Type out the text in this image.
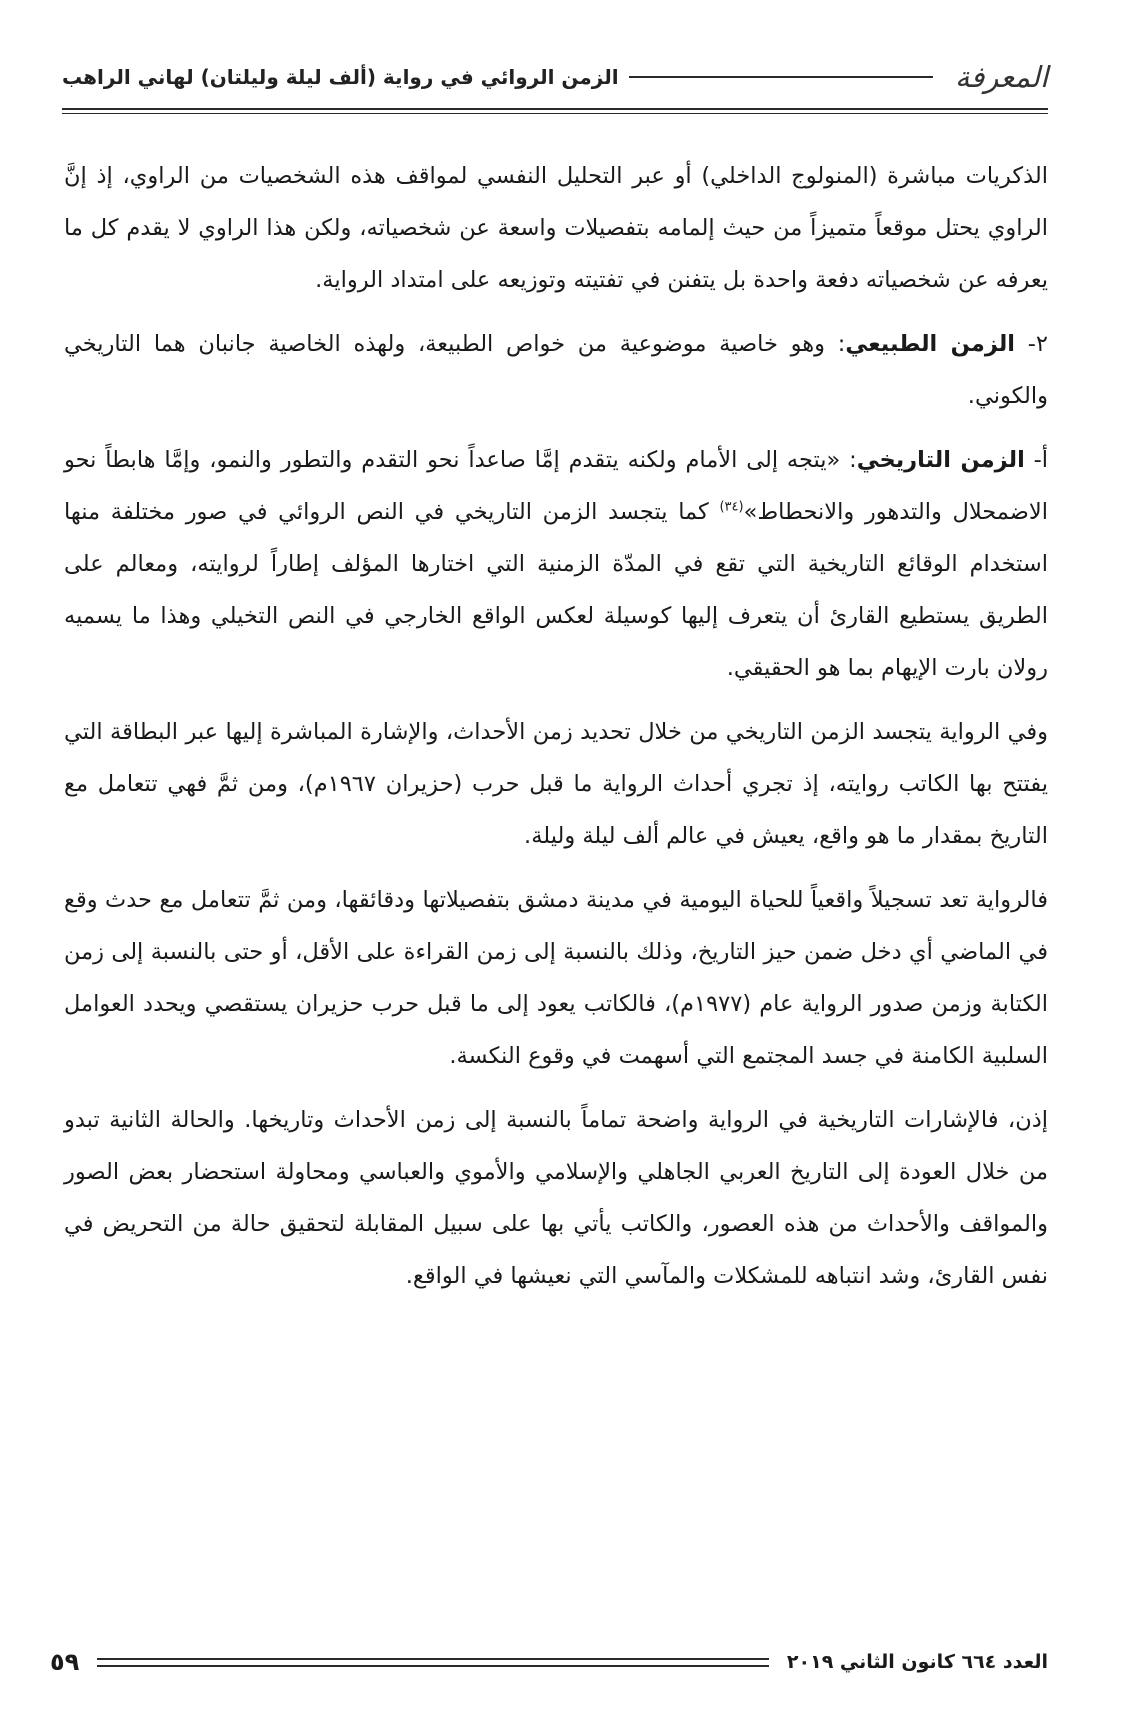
المعرفة
الزمن الروائي في رواية (ألف ليلة وليلتان) لهاني الراهب

الذكريات مباشرة (المنولوج الداخلي) أو عبر التحليل النفسي لمواقف هذه الشخصيات من الراوي، إذ إنَّ الراوي يحتل موقعاً متميزاً من حيث إلمامه بتفصيلات واسعة عن شخصياته، ولكن هذا الراوي لا يقدم كل ما يعرفه عن شخصياته دفعة واحدة بل يتفنن في تفتيته وتوزيعه على امتداد الرواية.

٢- الزمن الطبيعي: وهو خاصية موضوعية من خواص الطبيعة، ولهذه الخاصية جانبان هما التاريخي والكوني.

أ- الزمن التاريخي: «يتجه إلى الأمام ولكنه يتقدم إمَّا صاعداً نحو التقدم والتطور والنمو، وإمَّا هابطاً نحو الاضمحلال والتدهور والانحطاط»$^{(٣٤)}$ كما يتجسد الزمن التاريخي في النص الروائي في صور مختلفة منها استخدام الوقائع التاريخية التي تقع في المدّة الزمنية التي اختارها المؤلف إطاراً لروايته، ومعالم على الطريق يستطيع القارئ أن يتعرف إليها كوسيلة لعكس الواقع الخارجي في النص التخيلي وهذا ما يسميه رولان بارت الإيهام بما هو الحقيقي.

وفي الرواية يتجسد الزمن التاريخي من خلال تحديد زمن الأحداث، والإشارة المباشرة إليها عبر البطاقة التي يفتتح بها الكاتب روايته، إذ تجري أحداث الرواية ما قبل حرب (حزيران ١٩٦٧م)، ومن ثمَّ فهي تتعامل مع التاريخ بمقدار ما هو واقع، يعيش في عالم ألف ليلة وليلة.

فالرواية تعد تسجيلاً واقعياً للحياة اليومية في مدينة دمشق بتفصيلاتها ودقائقها، ومن ثمَّ تتعامل مع حدث وقع في الماضي أي دخل ضمن حيز التاريخ، وذلك بالنسبة إلى زمن القراءة على الأقل، أو حتى بالنسبة إلى زمن الكتابة وزمن صدور الرواية عام (١٩٧٧م)، فالكاتب يعود إلى ما قبل حرب حزيران يستقصي ويحدد العوامل السلبية الكامنة في جسد المجتمع التي أسهمت في وقوع النكسة.

إذن، فالإشارات التاريخية في الرواية واضحة تماماً بالنسبة إلى زمن الأحداث وتاريخها. والحالة الثانية تبدو من خلال العودة إلى التاريخ العربي الجاهلي والإسلامي والأموي والعباسي ومحاولة استحضار بعض الصور والمواقف والأحداث من هذه العصور، والكاتب يأتي بها على سبيل المقابلة لتحقيق حالة من التحريض في نفس القارئ، وشد انتباهه للمشكلات والمآسي التي نعيشها في الواقع.

العدد ٦٦٤ كانون الثاني ٢٠١٩
٥٩
